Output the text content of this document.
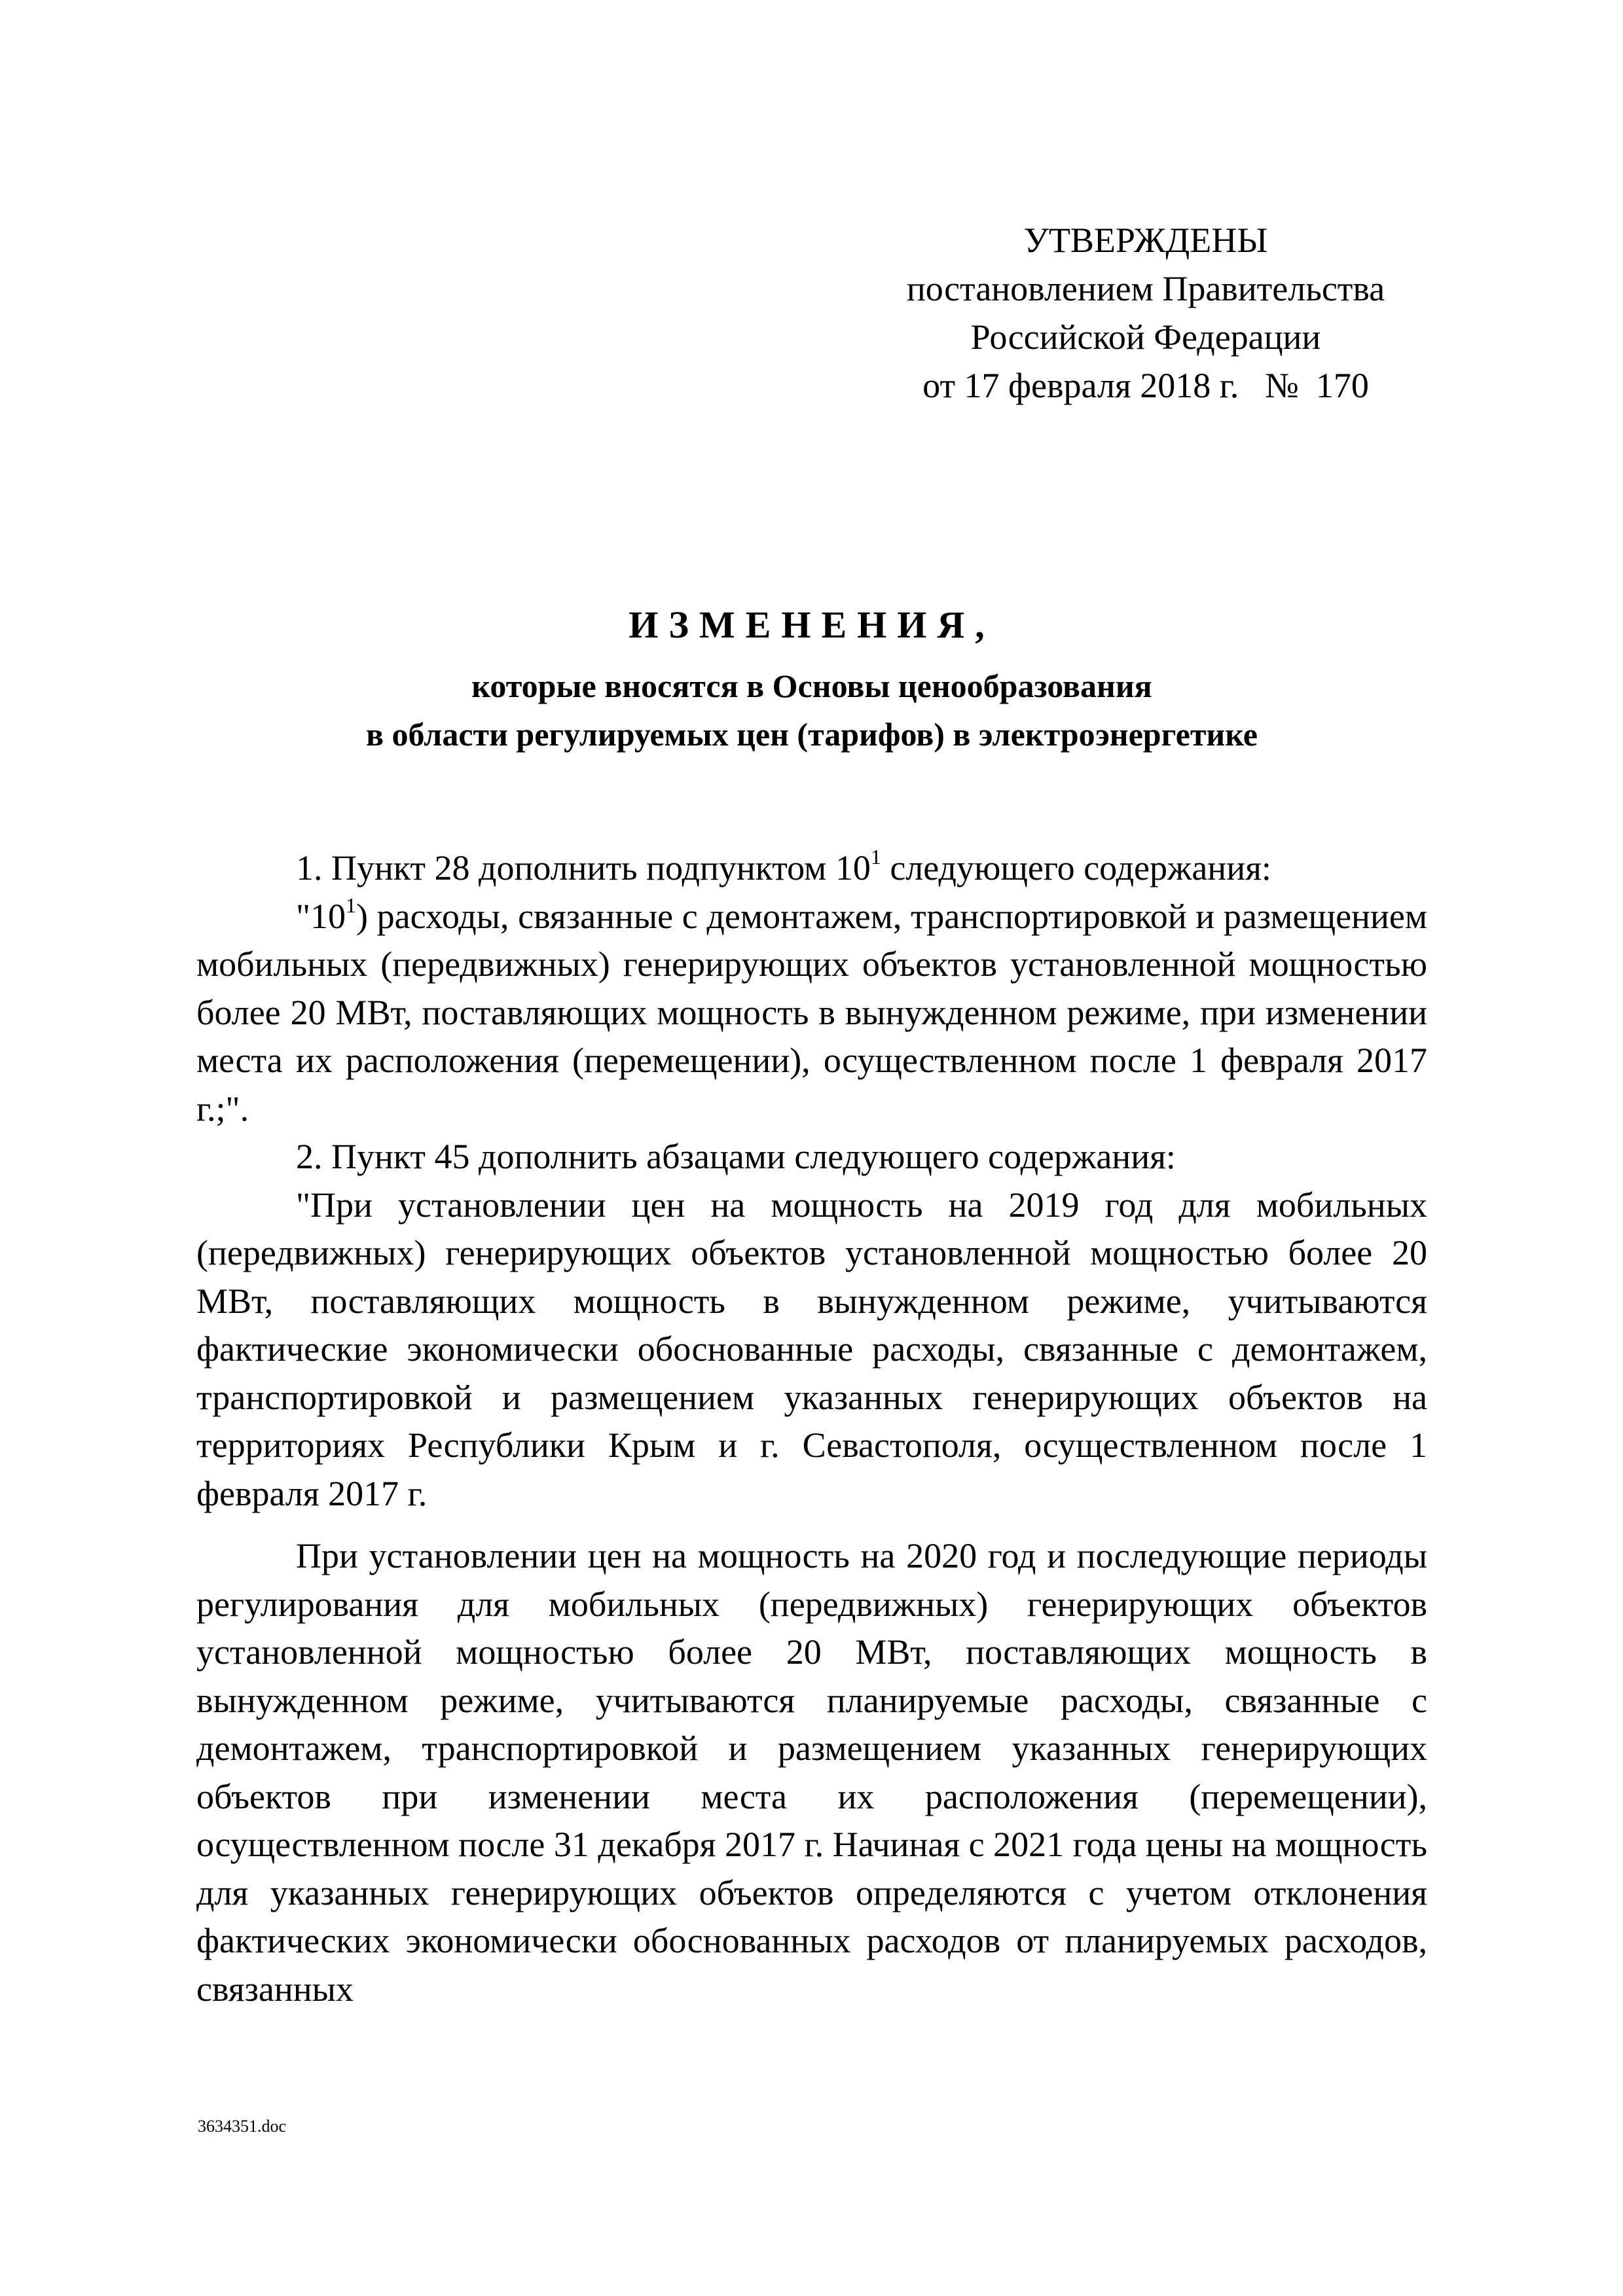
УТВЕРЖДЕНЫ
постановлением Правительства
Российской Федерации
от 17 февраля 2018 г. № 170
ИЗМЕНЕНИЯ,
которые вносятся в Основы ценообразования
в области регулируемых цен (тарифов) в электроэнергетике

1. Пункт 28 дополнить подпунктом $10^1$ следующего содержания:

"$10^1$) расходы, связанные с демонтажем, транспортировкой и размещением мобильных (передвижных) генерирующих объектов установленной мощностью более 20 МВт, поставляющих мощность в вынужденном режиме, при изменении места их расположения (перемещении), осуществленном после 1 февраля 2017 г.;".

2. Пункт 45 дополнить абзацами следующего содержания:

"При установлении цен на мощность на 2019 год для мобильных (передвижных) генерирующих объектов установленной мощностью более 20 МВт, поставляющих мощность в вынужденном режиме, учитываются фактические экономически обоснованные расходы, связанные с демонтажем, транспортировкой и размещением указанных генерирующих объектов на территориях Республики Крым и г. Севастополя, осуществленном после 1 февраля 2017 г.

При установлении цен на мощность на 2020 год и последующие периоды регулирования для мобильных (передвижных) генерирующих объектов установленной мощностью более 20 МВт, поставляющих мощность в вынужденном режиме, учитываются планируемые расходы, связанные с демонтажем, транспортировкой и размещением указанных генерирующих объектов при изменении места их расположения (перемещении), осуществленном после 31 декабря 2017 г. Начиная с 2021 года цены на мощность для указанных генерирующих объектов определяются с учетом отклонения фактических экономически обоснованных расходов от планируемых расходов, связанных

3634351.doc
